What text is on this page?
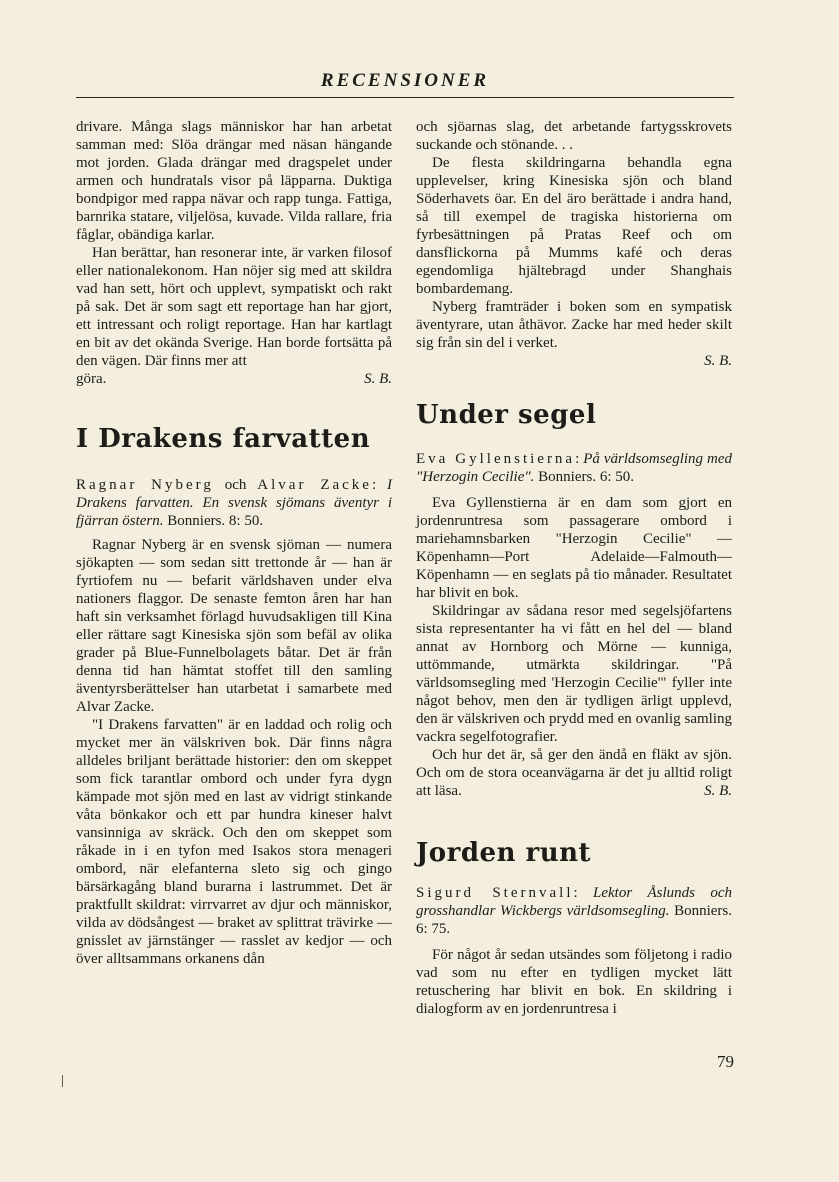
RECENSIONER

drivare. Många slags människor har han arbetat samman med: Slöa drängar med näsan hängande mot jorden. Glada drängar med dragspelet under armen och hundratals visor på läpparna. Duktiga bondpigor med rappa nävar och rapp tunga. Fattiga, barnrika statare, viljelösa, kuvade. Vilda rallare, fria fåglar, obändiga karlar.

Han berättar, han resonerar inte, är varken filosof eller nationalekonom. Han nöjer sig med att skildra vad han sett, hört och upplevt, sympatiskt och rakt på sak. Det är som sagt ett reportage han har gjort, ett intressant och roligt reportage. Han har kartlagt en bit av det okända Sverige. Han borde fortsätta på den vägen. Där finns mer att

göra.	S. B.
I Drakens farvatten

Ragnar Nyberg och Alvar Zacke: I Drakens farvatten. En svensk sjömans äventyr i fjärran östern. Bonniers. 8: 50.

Ragnar Nyberg är en svensk sjöman — numera sjökapten — som sedan sitt trettonde år — han är fyrtiofem nu — befarit världshaven under elva nationers flaggor. De senaste femton åren har han haft sin verksamhet förlagd huvudsakligen till Kina eller rättare sagt Kinesiska sjön som befäl av olika grader på Blue-Funnelbolagets båtar. Det är från denna tid han hämtat stoffet till den samling äventyrsberättelser han utarbetat i samarbete med Alvar Zacke.

"I Drakens farvatten" är en laddad och rolig och mycket mer än välskriven bok. Där finns några alldeles briljant berättade historier: den om skeppet som fick tarantlar ombord och under fyra dygn kämpade mot sjön med en last av vidrigt stinkande våta bönkakor och ett par hundra kineser halvt vansinniga av skräck. Och den om skeppet som råkade in i en tyfon med Isakos stora menageri ombord, när elefanterna sleto sig och gingo bärsärkagång bland burarna i lastrummet. Det är praktfullt skildrat: virrvarret av djur och människor, vilda av dödsångest — braket av splittrat trävirke — gnisslet av järnstänger — rasslet av kedjor — och över alltsammans orkanens dån

och sjöarnas slag, det arbetande fartygsskrovets suckande och stönande. . .

De flesta skildringarna behandla egna upplevelser, kring Kinesiska sjön och bland Söderhavets öar. En del äro berättade i andra hand, så till exempel de tragiska historierna om fyrbesättningen på Pratas Reef och om dansflickorna på Mumms kafé och deras egendomliga hjältebragd under Shanghais bombardemang.

Nyberg framträder i boken som en sympatisk äventyrare, utan åthävor. Zacke har med heder skilt sig från sin del i verket.

S. B.
Under segel

Eva Gyllenstierna: På världsomsegling med "Herzogin Cecilie". Bonniers. 6: 50.

Eva Gyllenstierna är en dam som gjort en jordenruntresa som passagerare ombord i mariehamnsbarken "Herzogin Cecilie" — Köpenhamn—Port Adelaide—Falmouth—Köpenhamn — en seglats på tio månader. Resultatet har blivit en bok.

Skildringar av sådana resor med segelsjöfartens sista representanter ha vi fått en hel del — bland annat av Hornborg och Mörne — kunniga, uttömmande, utmärkta skildringar. "På världsomsegling med 'Herzogin Cecilie'" fyller inte något behov, men den är tydligen ärligt upplevd, den är välskriven och prydd med en ovanlig samling vackra segelfotografier.

Och hur det är, så ger den ändå en fläkt av sjön. Och om de stora oceanvägarna är det ju alltid roligt att läsa.	S. B.

Jorden runt

Sigurd Sternvall: Lektor Åslunds och grosshandlar Wickbergs världsomsegling. Bonniers. 6: 75.

För något år sedan utsändes som följetong i radio vad som nu efter en tydligen mycket lätt retuschering har blivit en bok. En skildring i dialogform av en jordenruntresa i

79
